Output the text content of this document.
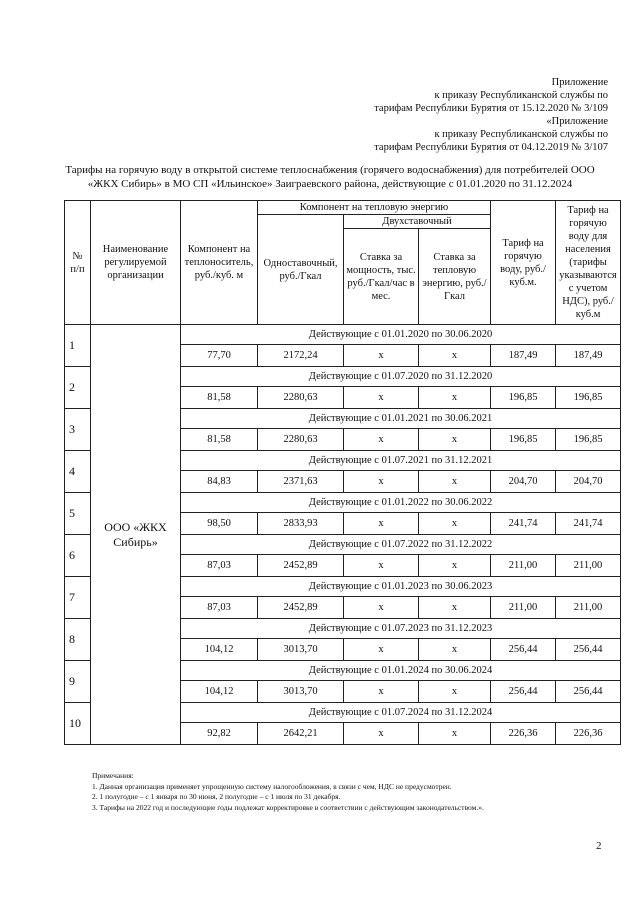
Приложение
к приказу Республиканской службы по
тарифам Республики Бурятия от 15.12.2020 № 3/109
«Приложение
к приказу Республиканской службы по
тарифам Республики Бурятия от 04.12.2019 № 3/107
Тарифы на горячую воду в открытой системе теплоснабжения (горячего водоснабжения) для потребителей ООО
«ЖКХ Сибирь» в МО СП «Ильинское» Заиграевского района, действующие с 01.01.2020 по 31.12.2024
№ п/п	Наименование регулируемой организации	Компонент на теплоноситель, руб./куб. м	Компонент на тепловую энергию			Тариф на горячую воду, руб./куб.м.	Тариф на горячую воду для населения (тарифы указываются с учетом НДС), руб./куб.м
			Одноставочный, руб./Гкал	Двухставочный			
				Ставка за мощность, тыс. руб./Гкал/час в мес.	Ставка за тепловую энергию, руб./Гкал		
1	ООО «ЖКХ Сибирь»	Действующие с 01.01.2020 по 30.06.2020					
		77,70	2172,24	x	x	187,49	187,49
2		Действующие с 01.07.2020 по 31.12.2020					
		81,58	2280,63	x	x	196,85	196,85
3		Действующие с 01.01.2021 по 30.06.2021					
		81,58	2280,63	x	x	196,85	196,85
4		Действующие с 01.07.2021 по 31.12.2021					
		84,83	2371,63	x	x	204,70	204,70
5		Действующие с 01.01.2022 по 30.06.2022					
		98,50	2833,93	x	x	241,74	241,74
6		Действующие с 01.07.2022 по 31.12.2022					
		87,03	2452,89	x	x	211,00	211,00
7		Действующие с 01.01.2023 по 30.06.2023					
		87,03	2452,89	x	x	211,00	211,00
8		Действующие с 01.07.2023 по 31.12.2023					
		104,12	3013,70	x	x	256,44	256,44
9		Действующие с 01.01.2024 по 30.06.2024					
		104,12	3013,70	x	x	256,44	256,44
10		Действующие с 01.07.2024 по 31.12.2024					
		92,82	2642,21	x	x	226,36	226,36
Примечания:
1. Данная организация применяет упрощенную систему налогообложения, в связи с чем, НДС не предусмотрен.
2. 1 полугодие – с 1 января по 30 июня, 2 полугодие – с 1 июля по 31 декабря.
3. Тарифы на 2022 год и последующие годы подлежат корректировке в соответствии с действующим законодательством.».
2
